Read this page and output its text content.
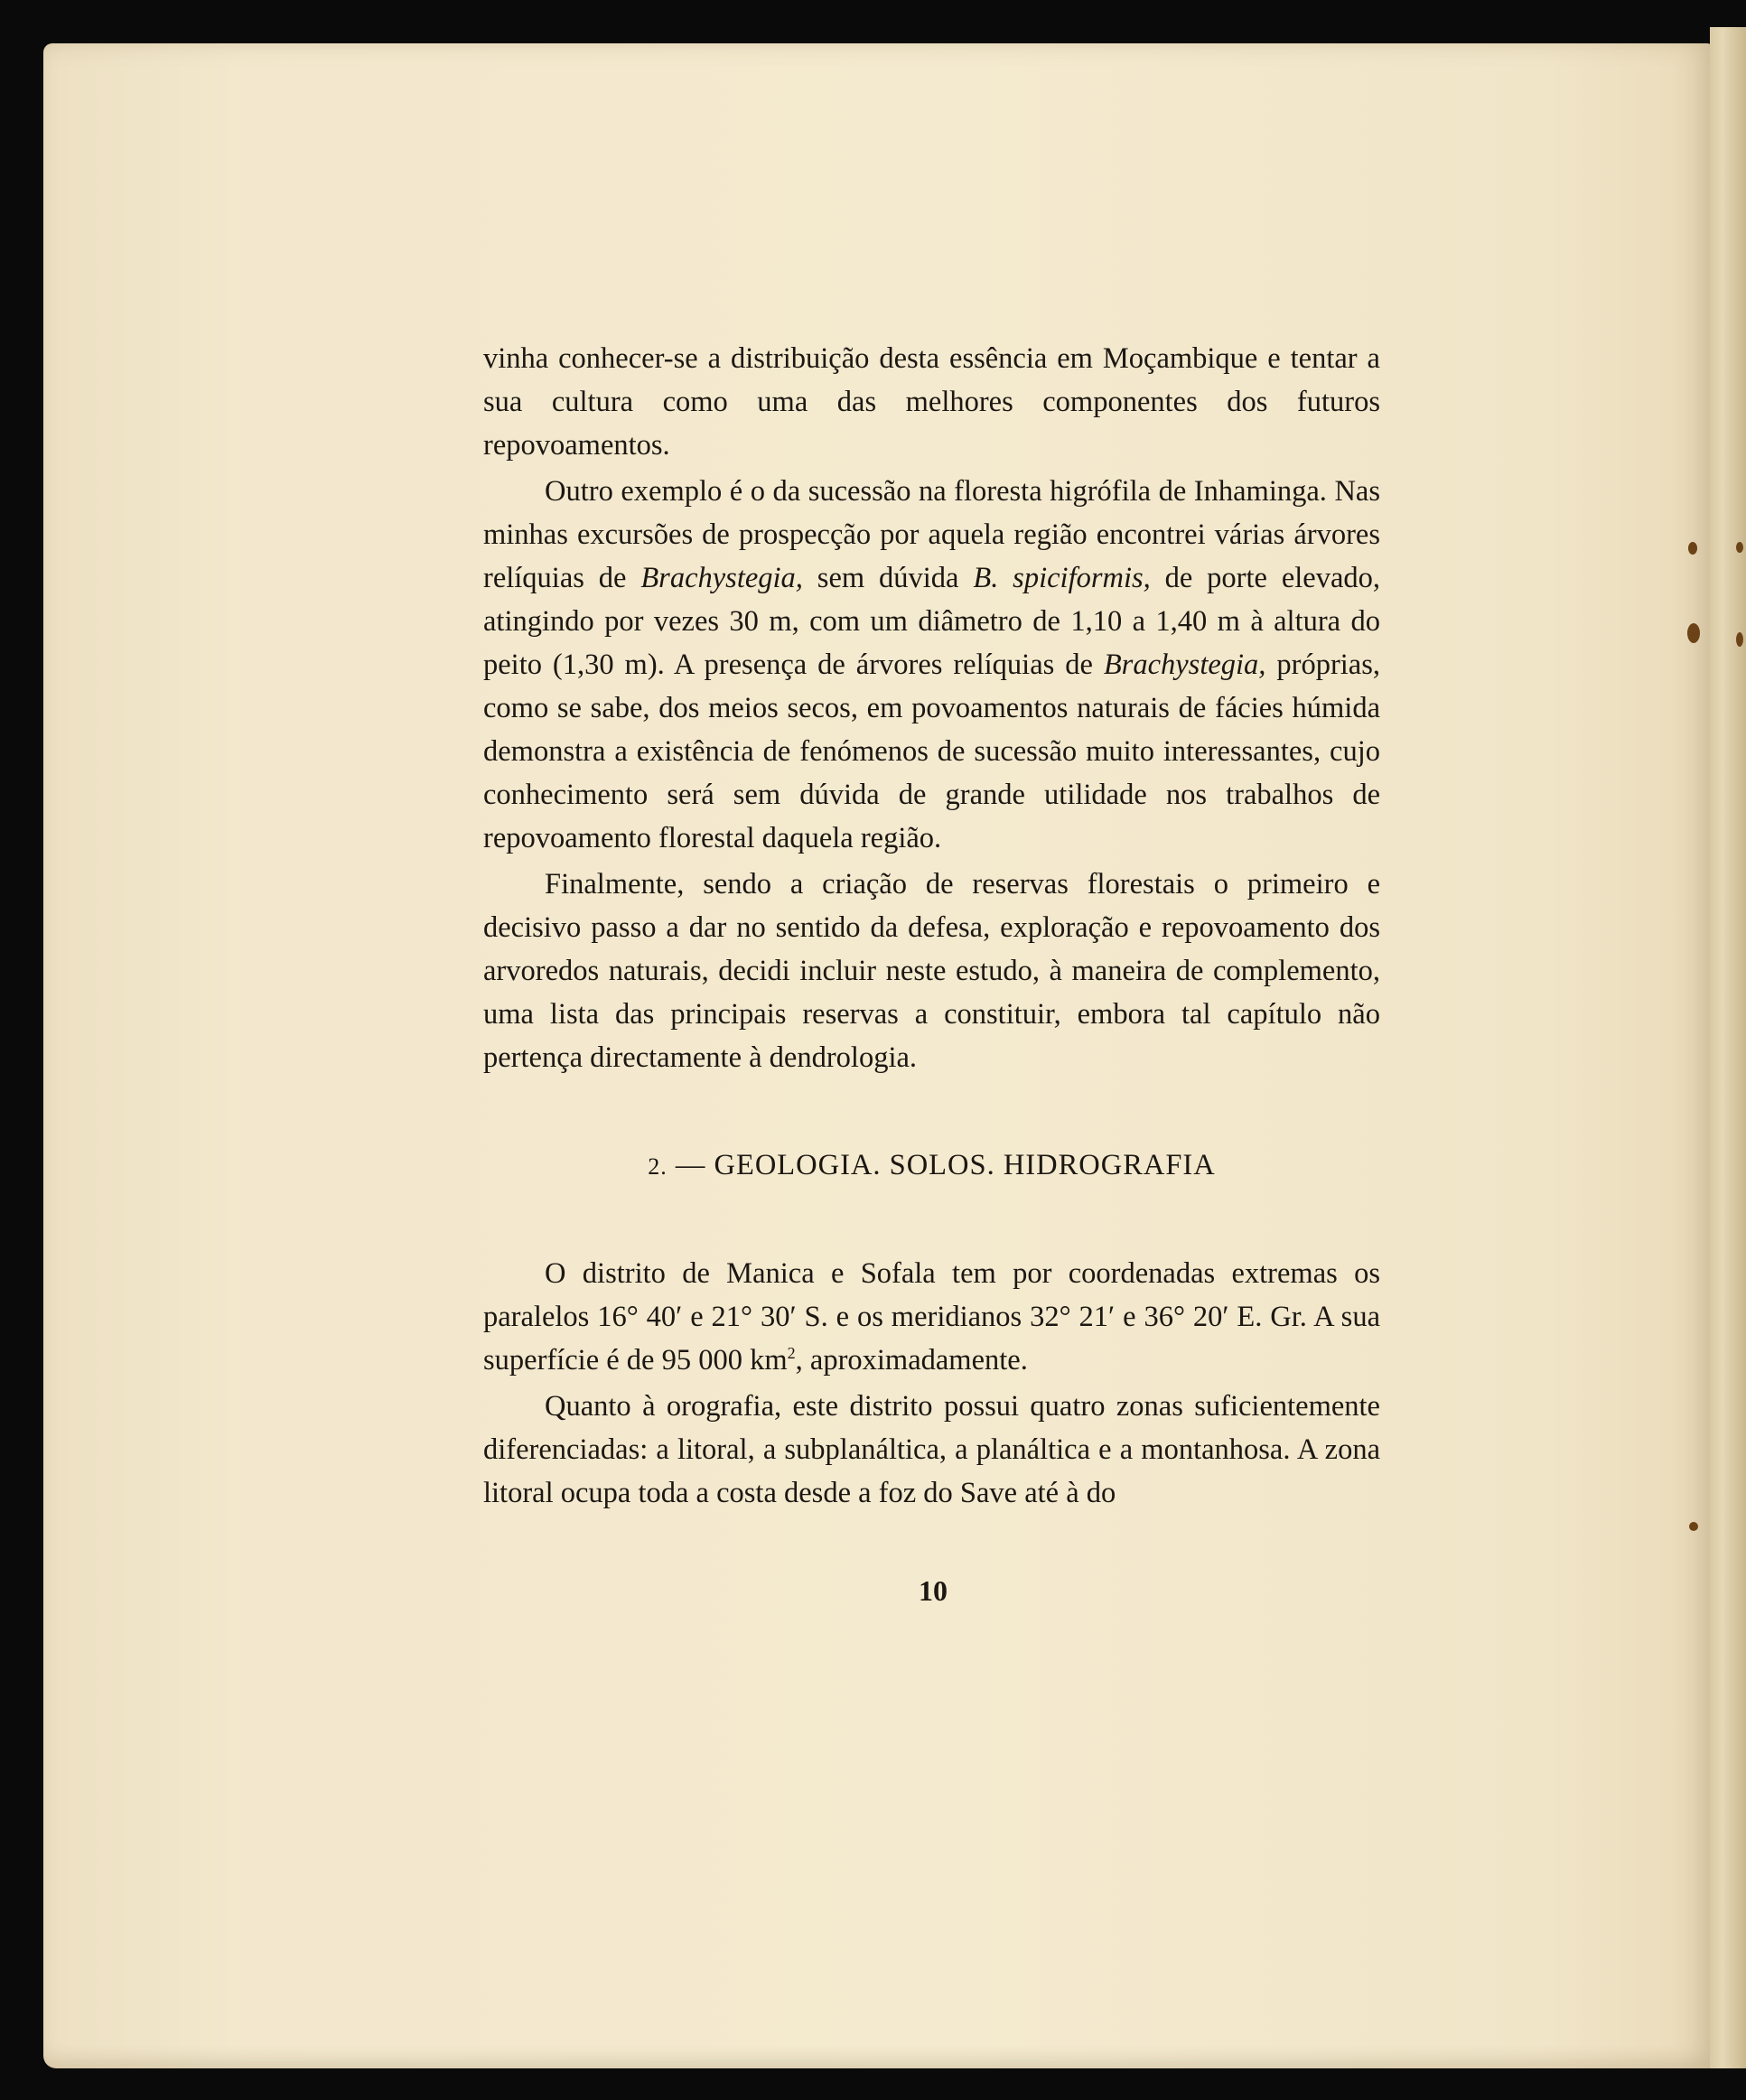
vinha conhecer-se a distribuição desta essência em Moçambique e tentar a sua cultura como uma das melhores componentes dos futuros repovoamentos.

Outro exemplo é o da sucessão na floresta higrófila de Inhaminga. Nas minhas excursões de prospecção por aquela região encontrei várias árvores relíquias de Brachystegia, sem dúvida B. spiciformis, de porte elevado, atingindo por vezes 30 m, com um diâmetro de 1,10 a 1,40 m à altura do peito (1,30 m). A presença de árvores relíquias de Brachystegia, próprias, como se sabe, dos meios secos, em povoamentos naturais de fácies húmida demonstra a existência de fenómenos de sucessão muito interessantes, cujo conhecimento será sem dúvida de grande utilidade nos trabalhos de repovoamento florestal daquela região.

Finalmente, sendo a criação de reservas florestais o primeiro e decisivo passo a dar no sentido da defesa, exploração e repovoamento dos arvoredos naturais, decidi incluir neste estudo, à maneira de complemento, uma lista das principais reservas a constituir, embora tal capítulo não pertença directamente à dendrologia.

2. — GEOLOGIA. SOLOS. HIDROGRAFIA

O distrito de Manica e Sofala tem por coordenadas extremas os paralelos 16° 40′ e 21° 30′ S. e os meridianos 32° 21′ e 36° 20′ E. Gr. A sua superfície é de 95 000 $km^2$, aproximadamente.

Quanto à orografia, este distrito possui quatro zonas suficientemente diferenciadas: a litoral, a subplanáltica, a planáltica e a montanhosa. A zona litoral ocupa toda a costa desde a foz do Save até à do

10
